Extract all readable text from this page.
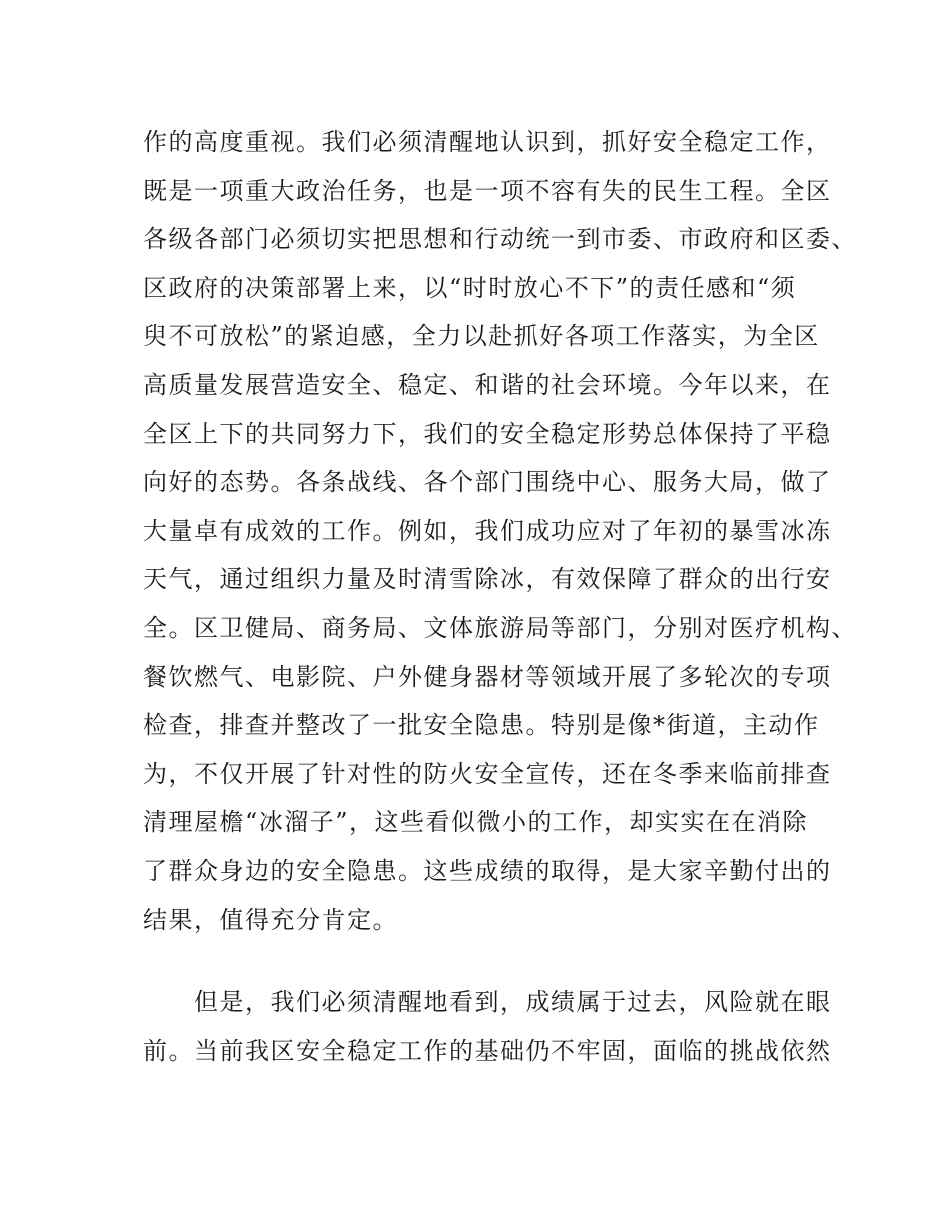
作的高度重视。我们必须清醒地认识到，抓好安全稳定工作，
既是一项重大政治任务，也是一项不容有失的民生工程。全区
各级各部门必须切实把思想和行动统一到市委、市政府和区委、
区政府的决策部署上来，以“时时放心不下”的责任感和“须
臾不可放松”的紧迫感，全力以赴抓好各项工作落实，为全区
高质量发展营造安全、稳定、和谐的社会环境。今年以来，在
全区上下的共同努力下，我们的安全稳定形势总体保持了平稳
向好的态势。各条战线、各个部门围绕中心、服务大局，做了
大量卓有成效的工作。例如，我们成功应对了年初的暴雪冰冻
天气，通过组织力量及时清雪除冰，有效保障了群众的出行安
全。区卫健局、商务局、文体旅游局等部门，分别对医疗机构、
餐饮燃气、电影院、户外健身器材等领域开展了多轮次的专项
检查，排查并整改了一批安全隐患。特别是像*街道，主动作
为，不仅开展了针对性的防火安全宣传，还在冬季来临前排查
清理屋檐“冰溜子”，这些看似微小的工作，却实实在在消除
了群众身边的安全隐患。这些成绩的取得，是大家辛勤付出的
结果，值得充分肯定。
　　但是，我们必须清醒地看到，成绩属于过去，风险就在眼
前。当前我区安全稳定工作的基础仍不牢固，面临的挑战依然
